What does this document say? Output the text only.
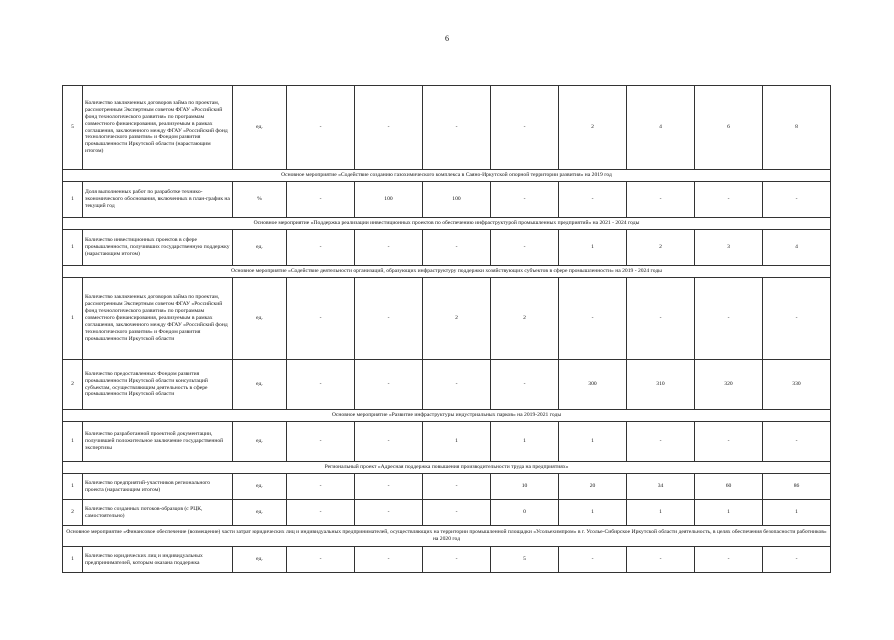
6
5	Количество заключенных договоров займа по проектам, рассмотренным Экспертным советом ФГАУ «Российский фонд технологического развития» по программам совместного финансирования, реализуемым в рамках соглашения, заключенного между ФГАУ «Российский фонд технологического развития» и Фондом развития промышленности Иркутской области (нарастающим итогом)	ед.	-	-	-	-	2	4	6	8
Основное мероприятие «Содействие созданию газохимического комплекса в Саяно-Иркутской опорной территории развития» на 2019 год										
1	Доля выполненных работ по разработке технико-экономического обоснования, включенных в план-график на текущий год	%	-	100	100	-	-	-	-	-
Основное мероприятие «Поддержка реализации инвестиционных проектов по обеспечению инфраструктурой промышленных предприятий» на 2021 - 2024 годы										
1	Количество инвестиционных проектов в сфере промышленности, получивших государственную поддержку (нарастающим итогом)	ед.	-	-	-	-	1	2	3	4
Основное мероприятие «Содействие деятельности организаций, образующих инфраструктуру поддержки хозяйствующих субъектов в сфере промышленности» на 2019 - 2024 годы										
1	Количество заключенных договоров займа по проектам, рассмотренным Экспертным советом ФГАУ «Российский фонд технологического развития» по программам совместного финансирования, реализуемым в рамках соглашения, заключенного между ФГАУ «Российский фонд технологического развития» и Фондом развития промышленности Иркутской области	ед.	-	-	2	2	-	-	-	-
2	Количество предоставленных Фондом развития промышленности Иркутской области консультаций субъектам, осуществляющим деятельность в сфере промышленности Иркутской области	ед.	-	-	-	-	300	310	320	330
Основное мероприятие «Развитие инфраструктуры индустриальных парков» на 2019-2021 годы										
1	Количество разработанной проектной документации, получившей положительное заключение государственной экспертизы	ед.	-	-	1	1	1	-	-	-
Региональный проект «Адресная поддержка повышения производительности труда на предприятиях»										
1	Количество предприятий-участников регионального проекта (нарастающим итогом)	ед.	-	-	-	10	20	34	60	86
2	Количество созданных потоков-образцов (с РЦК, самостоятельно)	ед.	-	-	-	0	1	1	1	1
Основное мероприятие «Финансовое обеспечение (возмещение) части затрат юридических лиц и индивидуальных предпринимателей, осуществляющих на территории промышленной площадки «Усольехимпром» в г. Усолье-Сибирское Иркутской области деятельность, в целях обеспечения безопасности работников» на 2020 год										
1	Количество юридических лиц и индивидуальных предпринимателей, которым оказана поддержка	ед.	-	-	-	5	-	-	-	-
